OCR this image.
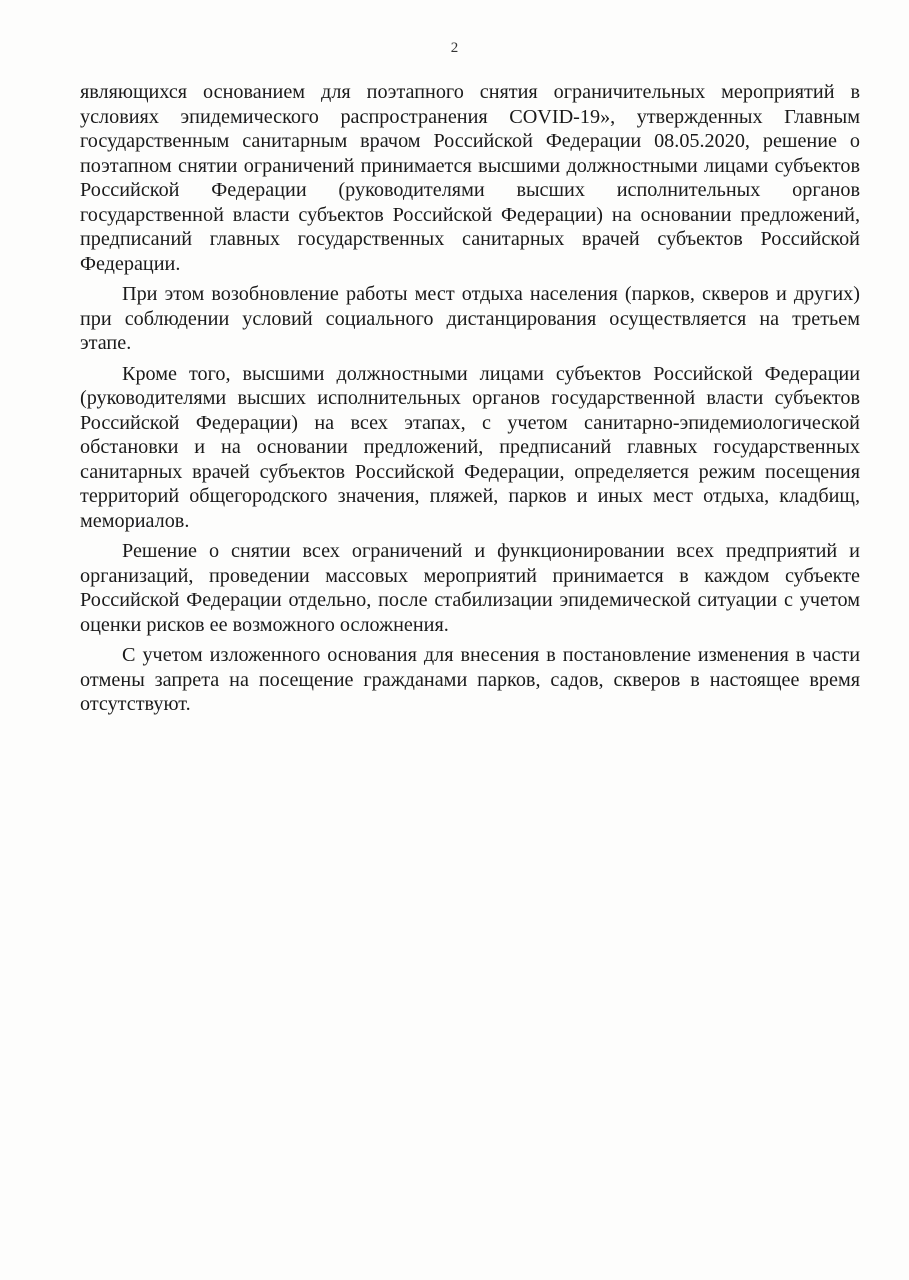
2

являющихся основанием для поэтапного снятия ограничительных мероприятий в условиях эпидемического распространения COVID-19», утвержденных Главным государственным санитарным врачом Российской Федерации 08.05.2020, решение о поэтапном снятии ограничений принимается высшими должностными лицами субъектов Российской Федерации (руководителями высших исполнительных органов государственной власти субъектов Российской Федерации) на основании предложений, предписаний главных государственных санитарных врачей субъектов Российской Федерации.

При этом возобновление работы мест отдыха населения (парков, скверов и других) при соблюдении условий социального дистанцирования осуществляется на третьем этапе.

Кроме того, высшими должностными лицами субъектов Российской Федерации (руководителями высших исполнительных органов государственной власти субъектов Российской Федерации) на всех этапах, с учетом санитарно-эпидемиологической обстановки и на основании предложений, предписаний главных государственных санитарных врачей субъектов Российской Федерации, определяется режим посещения территорий общегородского значения, пляжей, парков и иных мест отдыха, кладбищ, мемориалов.

Решение о снятии всех ограничений и функционировании всех предприятий и организаций, проведении массовых мероприятий принимается в каждом субъекте Российской Федерации отдельно, после стабилизации эпидемической ситуации с учетом оценки рисков ее возможного осложнения.

С учетом изложенного основания для внесения в постановление изменения в части отмены запрета на посещение гражданами парков, садов, скверов в настоящее время отсутствуют.
